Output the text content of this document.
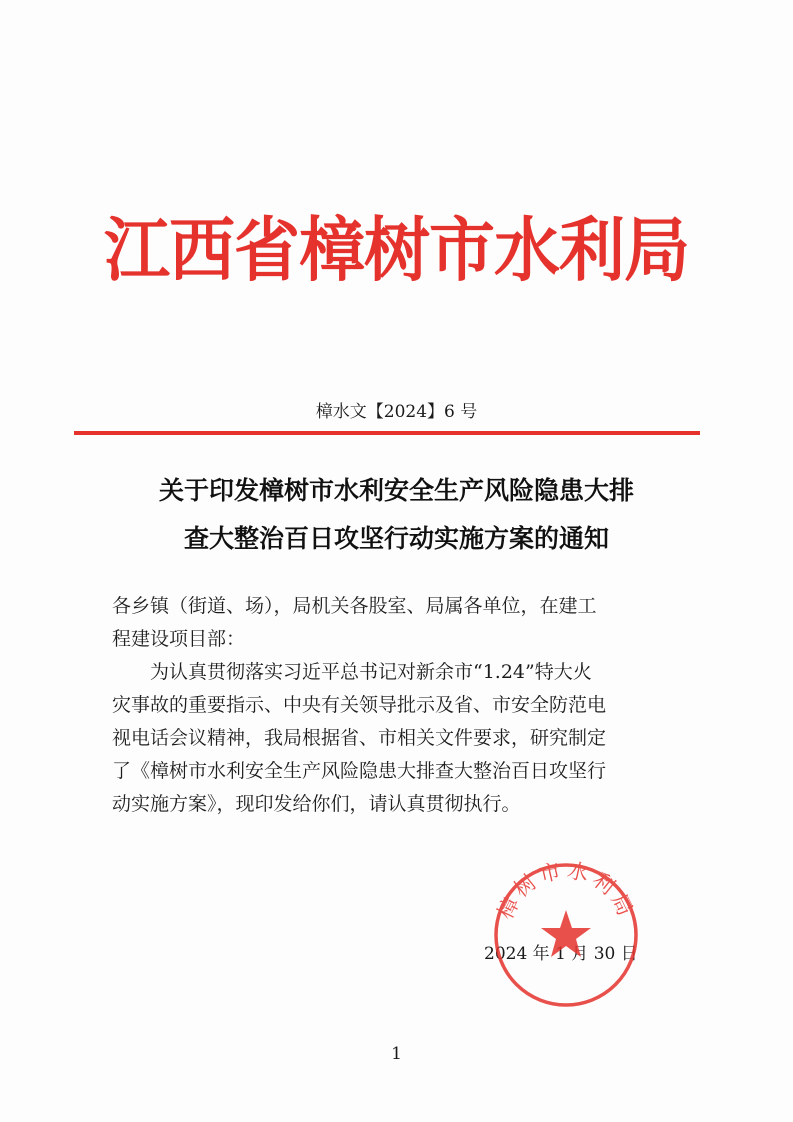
江西省樟树市水利局
樟水文【2024】6 号
关于印发樟树市水利安全生产风险隐患大排
查大整治百日攻坚行动实施方案的通知
各乡镇（街道、场），局机关各股室、局属各单位，在建工
程建设项目部：
为认真贯彻落实习近平总书记对新余市“1.24”特大火
灾事故的重要指示、中央有关领导批示及省、市安全防范电
视电话会议精神，我局根据省、市相关文件要求，研究制定
了《樟树市水利安全生产风险隐患大排查大整治百日攻坚行
动实施方案》，现印发给你们，请认真贯彻执行。
2024 年 1 月 30 日
樟树市水利局
1
